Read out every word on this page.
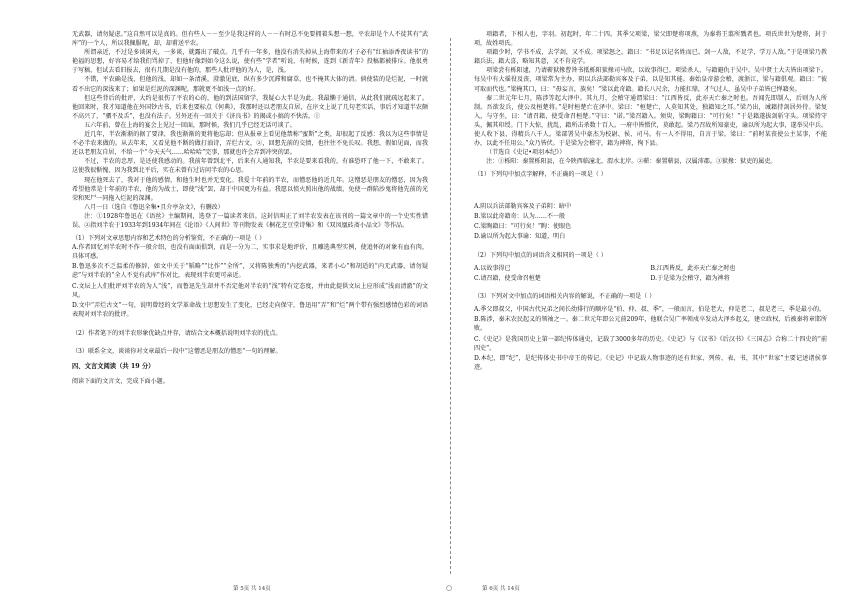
无武器，请勿疑虑。”这自然可以是真的。但有些人－－至少是我这样的人－－有时总不免要拥着头想一想，平农却是个人不徒其有“武库”的一个人，所以我佩服呢，却，却甫送平农。

所谓亲近，不过是多谈闲天，一多谈，就露出了破点。几乎有一年多，他没有消失掉从上海带来的才子必有“红袖添香夜读书”的艳福的思想，好容易才给我们骂掉了，但他好像到如今这么说，使有些“学者”听说，有时候，连到《新青年》投稿都被排斥。他很勇于写稿，但试去看旧报去，很有几期是没有他的，那些人批评他的为人，是，浅。

不错，平农确是浅，但他的浅，却如一条清溪，澄澈见底，纵有多少沉滞和腐草，也不掩其大体的清。倘使装的是烂泥，一时就看不出它的深浅来了；如果是烂泥的深渊呢，那就更不如浅一点的好。

但这些背后的批评，大约是很伤了平农的心的，他的到法国留学，我疑心大半是为此。我最懒于通信，从此我们就疏远起来了。他回来时，我才知道他在外国钞古书，后来也要标点《何典》，我那时还以老朋友自居，在序文上说了几句老实话，事后才知道半农颇不高兴了，“驷不及舌”，也没有法子。另外还有一回关于《济良书》的揭或小搞的不快活。①

五六年前，曾在上海的宴会上见过一回面，那时候，我们几乎已经无话可谈了。

近几年，半农渐渐的据了要津，我也渐渐的更将他忘却；但从报章上看见他禁称“蜜斯”之类，却很起了反感：我以为这些事情是不必半农来做的。从去年来，又看见他不断的做打油诗，弄烂古文，②，回想先前的交情，也往往不免长叹。我想，假如见面，而我还以老朋友自居，不给一个“今天天气……哈哈哈”完事，那就也许会弄到冲突的罢。

不过，半农的忠厚，是还使我感动的。我前年曾到北平，后来有人通知我，半农是要来看我的，有谁恐吓了他一下，不敢来了。这使我很惭愧，因为我到北平后，实在未曾有过访问半农的心思。

现在他死去了，我对于他的感情，和他生时也并无变化。我爱十年前的半农，而憎恶他的近几年。这憎恶是朋友的憎恶，因为我希望他常是十年前的半农，他的为战士，即使“浅”罢，却于中国更为有益。我愿以愤火照出他的战绩，免使一群陷沙鬼将他先前的光荣和死尸一同拖入烂泥的深渊。

八月一日（选自《鲁迅全集•且介亭杂文》，有删改）

注：①1928年鲁迅在《语丝》主编期间，选登了一篇读者来信。这封信叫正了刘半农发表在该刊的一篇文章中的一个史实性错误。②指刘半农于1933年到1934年间在《论语》《人间世》等刊物发表《桐花芝豆堂诗集》和《双凤凰砖斋小品文》等作品。

（1）下列对文章思想内容和艺术特色的分析鉴赏，不正确的一项是（ ）

A.作者回忆刘半农时不作一般介绍，也没有面面俱到，而是一分为二，实事求是地评价，且雕选典型实例，使追怀的对象有血有肉，具体可感。
B.鲁迅多次不乏温柔的修辞，如文中关于“韬略”“比作”“全所”，又将陈独秀的“内挖武器，来者小心”和胡适的“内无武器，请勿疑虑”与刘半农的“全人不觉有武库”作对比，表现刘半农更可亲近。
C.文坛上人们批评刘半农的为人“浅”，而鲁迅先生却并不否定他对半农的“浅”特有定态度，并由此提供文坛上应形成“浅而清澈”的文风。
D.文中“弄烂古文”一句，说明曾经的文学革命战士思想发生了变化，已经走向保守，鲁迅用“弄”和“烂”两个带有强烈感情色彩的词语表现对刘半农的批评。

（2）作者笔下的刘半农形象优缺点并存，请结合文本概括说明刘半农的优点。

（3）联系全文，谈谈你对文章最后一段中“这憎恶是朋友的憎恶”一句的理解。

四、文言文阅读（共 19 分）

阅读下面的文言文，完成下面小题。

项籍者，下相人也，字羽。初起时，年二十四。其季父项梁，梁父即楚将项燕，为秦将王翦所戮者也。项氏世世为楚将，封于项，故姓项氏。

项籍少时，学书不成，去学剑，又不成。项梁怒之。籍曰：“书足以记名姓而已。剑一人敌，不足学，学万人敌。”于是项梁乃教籍兵法，籍大喜，略知其意，又不肯竟学。

项梁尝有栎阳逮，乃请蕲狱掾曹咎书抵栎阳狱掾司马欣，以故事得已。项梁杀人，与籍避仇于吴中。吴中贤士大夫皆出项梁下。每吴中有大徭役及丧，项梁常为主办，阴以兵法部勒宾客及子弟，以是知其能。秦始皇帝游会稽，渡浙江，梁与籍俱观。籍曰：“彼可取而代也。”梁掩其口，曰：“毋妄言，族矣！”梁以此奇籍。籍长八尺余，力能扛鼎，才气过人，虽吴中子弟皆已惮籍矣。

秦二世元年七月，陈涉等起大泽中。其九月，会稽守通谓梁曰：“江西皆反，此亦天亡秦之时也。吾闻先即制人，后则为人所制。吾欲发兵，使公及桓楚将。”是时桓楚亡在泽中。梁曰：“桓楚亡，人莫知其处，独籍知之耳。”梁乃出，诫籍持剑居外待。梁复入，与守坐，曰：“请召籍，使受命召桓楚。”守曰：“诺。”梁召籍入。须臾，梁眴籍曰：“可行矣！”于是籍遂拔剑斩守头。项梁持守头，佩其印绶。门下大惊，扰乱，籍所击杀数十百人。一府中皆慑伏，莫敢起。梁乃召故所知豪吏，谕以所为起大事，遂举吴中兵。使人收下县，得精兵八千人。梁部署吴中豪杰为校尉、侯、司马。有一人不得用，自言于梁。梁曰：“前时某丧使公主某事，不能办，以此不任用公。”众乃皆伏。于是梁为会稽守，籍为裨将，徇下县。

（节选自《史记•项羽本纪》）

注：①栎阳：秦置栎阳县，在今陕西临潼北，渭水北岸。②蕲：秦置蕲县，汉属沛郡。③狱掾：狱吏的属吏。

（1）下列句中加点字解释，不正确的一项是（ ）

A.阴以兵法部勒宾客及子弟阴：暗中
B.梁以此奇籍奇：认为……不一般
C.梁眴籍曰：“可行矣！”眴：使眼色
D.谕以所为起大事谕：知道，明白

（2）下列句中加点的词语含义相同的一项是（ ）

A.以故事得已	B.江西皆反，此亦天亡秦之时也
C.请召籍，使受命召桓楚	D.于是梁为会稽守，籍为裨将

（3）下列对文中加点的词语相关内容的解说，不正确的一项是（ ）

A.季父即叔父，中国古代兄弟之间长幼排行的顺序是“伯、仲、叔、季”，一般而言，伯是老大，仲是老二，叔是老三，季是最小的。
B.陈涉，秦末农民起义的领袖之一。秦二世元年即公元前209年，他联合吴广率领戍卒发动大泽乡起义，建立政权，后被秦将章邯所败。
C.《史记》是我国历史上第一部纪传体通史，记载了3000多年的历史。《史记》与《汉书》《后汉书》《三国志》合称二十四史的“前四史”。
D.本纪，即“纪”，是纪传体史书中帝王的传记。《史记》中记载人物事迹的还有世家、列传、表、书，其中“世家”主要记述诸侯事迹。
第 5页 共 14页	○	第 6页 共 14页
